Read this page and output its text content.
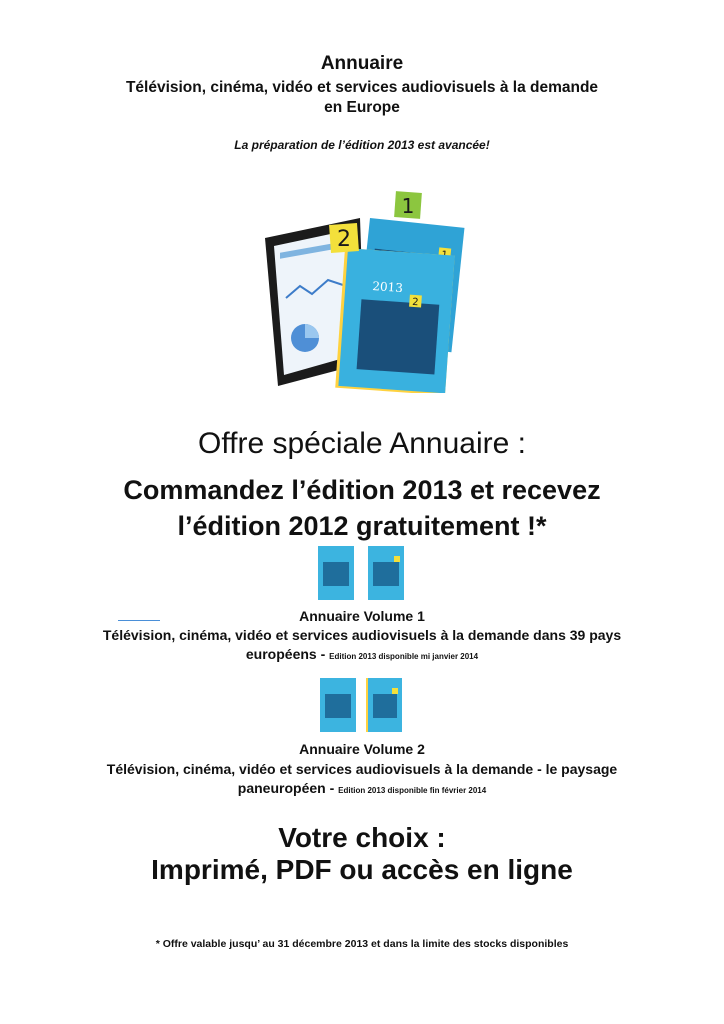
Annuaire
Télévision, cinéma, vidéo et services audiovisuels à la demande en Europe
La préparation de l’édition 2013 est avancée!
1
2013
2
2
Offre spéciale Annuaire :
Commandez l’édition 2013 et recevez
l’édition 2012 gratuitement !*
Annuaire Volume 1
Télévision, cinéma, vidéo et services audiovisuels à la demande dans 39 pays européens - Edition 2013 disponible mi janvier 2014
Annuaire Volume 2
Télévision, cinéma, vidéo et services audiovisuels à la demande - le paysage paneuropéen - Edition 2013 disponible fin février 2014
Votre choix :
Imprimé, PDF ou accès en ligne
* Offre valable jusqu’ au 31 décembre 2013 et dans la limite des stocks disponibles
